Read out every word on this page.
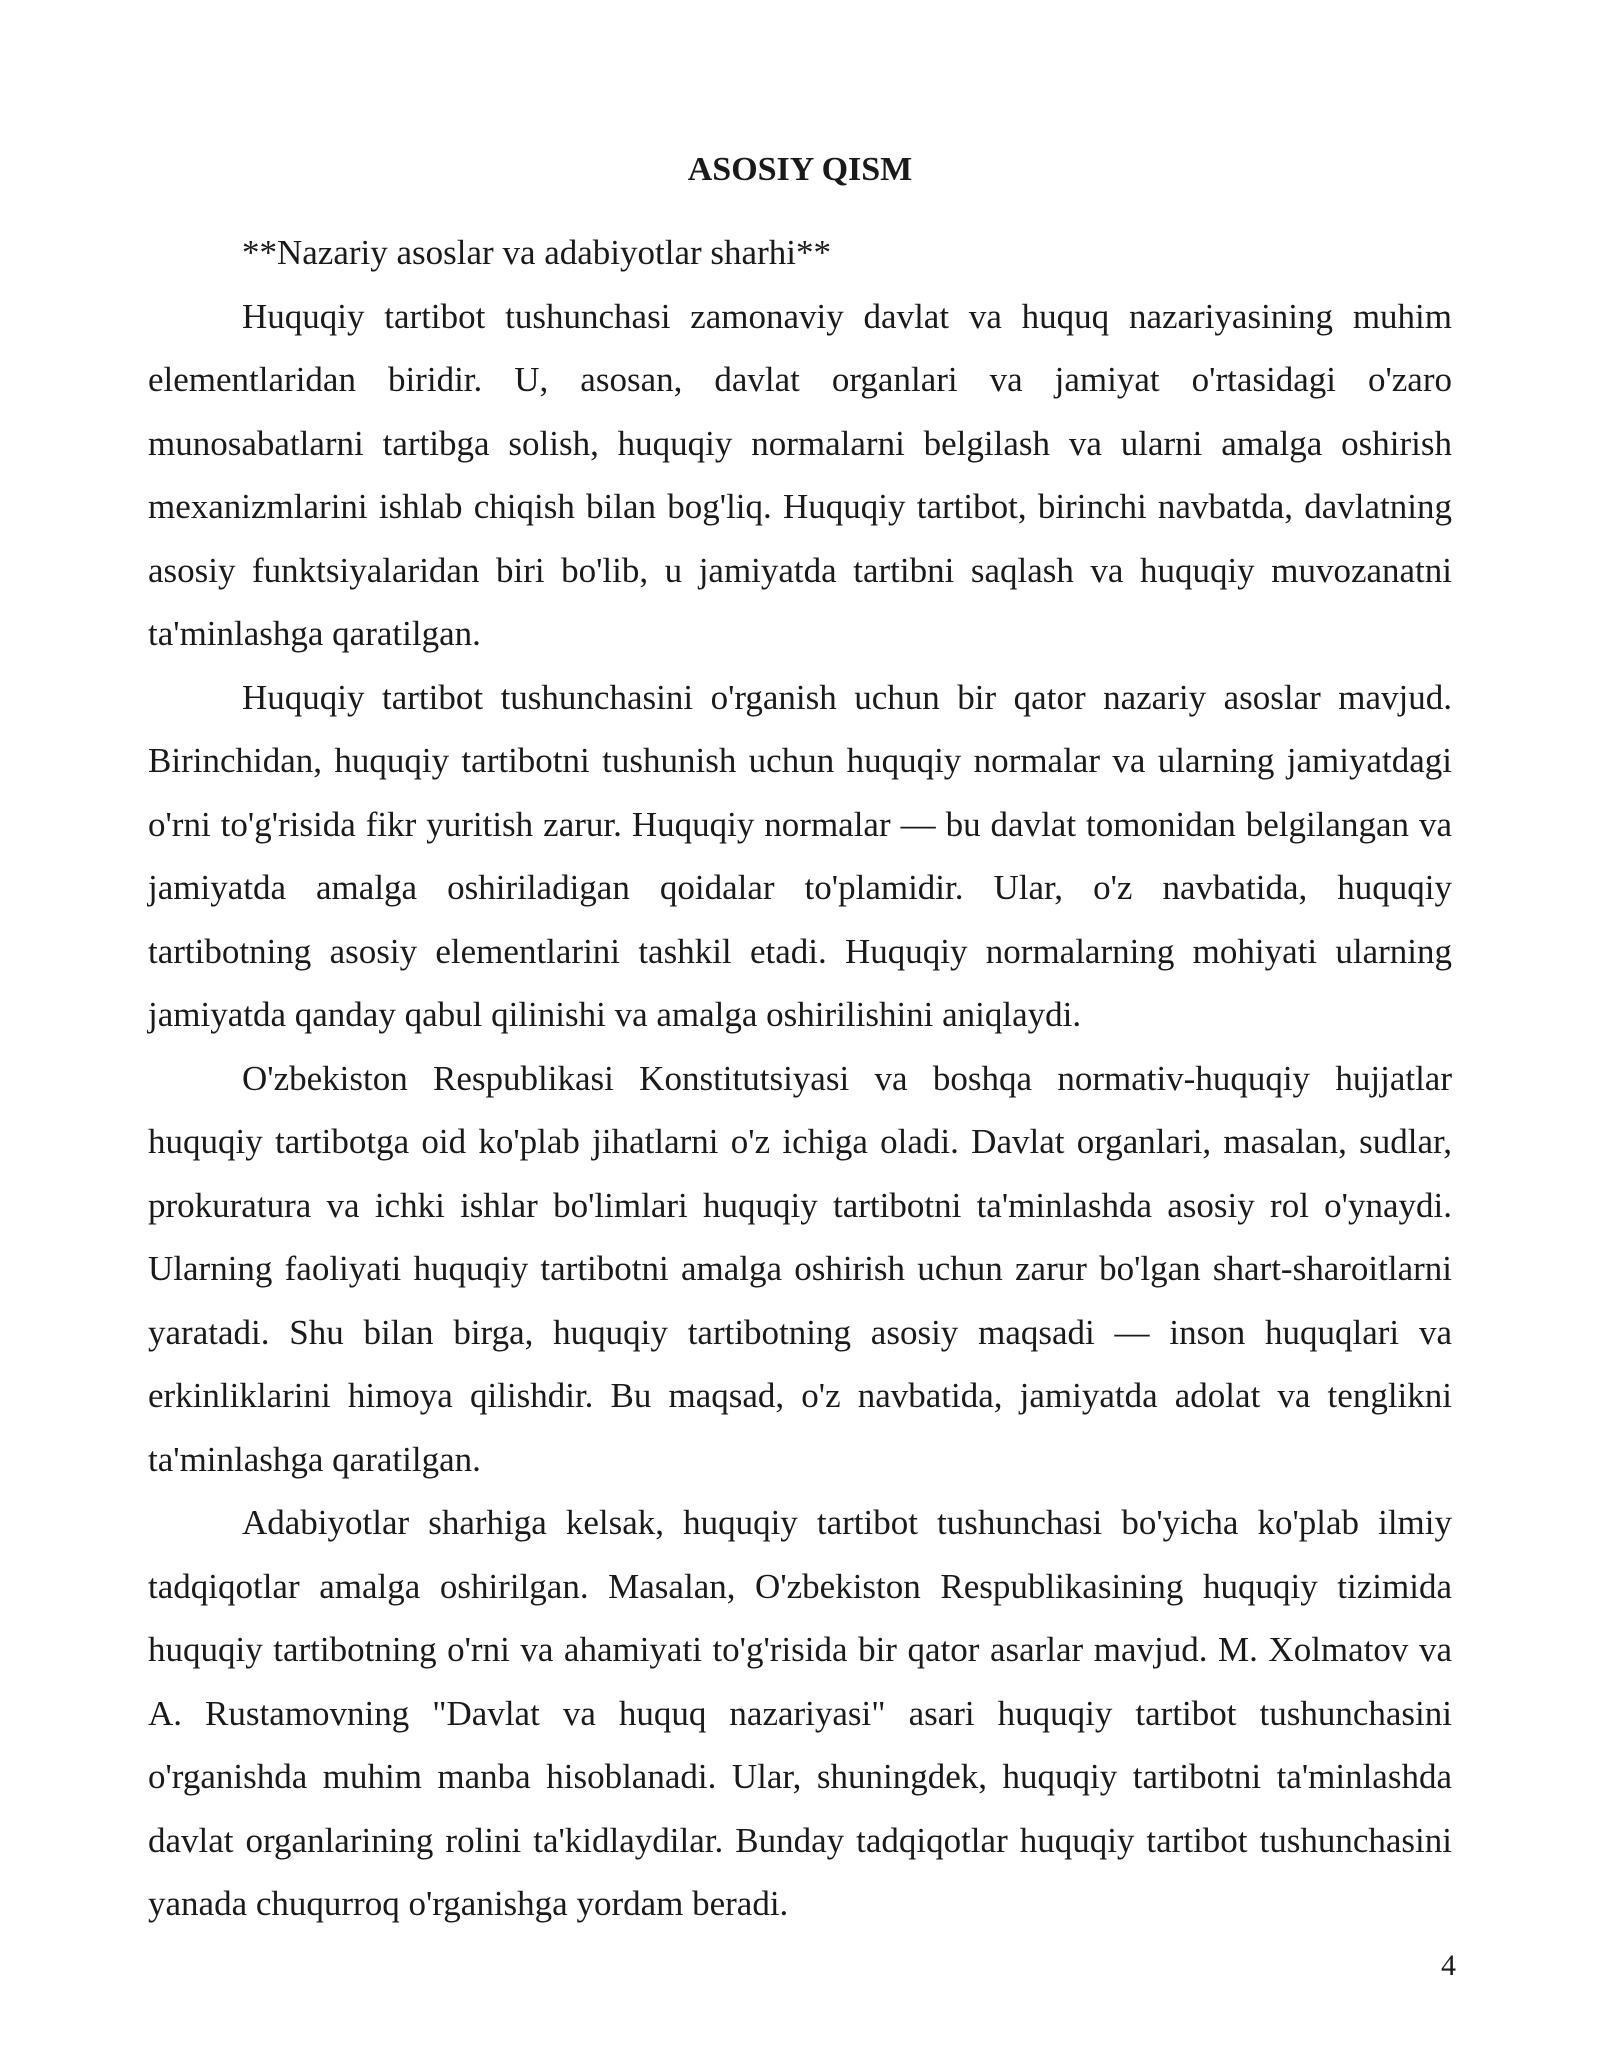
ASOSIY QISM

**Nazariy asoslar va adabiyotlar sharhi**

Huquqiy tartibot tushunchasi zamonaviy davlat va huquq nazariyasining muhim elementlaridan biridir. U, asosan, davlat organlari va jamiyat o'rtasidagi o'zaro munosabatlarni tartibga solish, huquqiy normalarni belgilash va ularni amalga oshirish mexanizmlarini ishlab chiqish bilan bog'liq. Huquqiy tartibot, birinchi navbatda, davlatning asosiy funktsiyalaridan biri bo'lib, u jamiyatda tartibni saqlash va huquqiy muvozanatni ta'minlashga qaratilgan.

Huquqiy tartibot tushunchasini o'rganish uchun bir qator nazariy asoslar mavjud. Birinchidan, huquqiy tartibotni tushunish uchun huquqiy normalar va ularning jamiyatdagi o'rni to'g'risida fikr yuritish zarur. Huquqiy normalar — bu davlat tomonidan belgilangan va jamiyatda amalga oshiriladigan qoidalar to'plamidir. Ular, o'z navbatida, huquqiy tartibotning asosiy elementlarini tashkil etadi. Huquqiy normalarning mohiyati ularning jamiyatda qanday qabul qilinishi va amalga oshirilishini aniqlaydi.

O'zbekiston Respublikasi Konstitutsiyasi va boshqa normativ-huquqiy hujjatlar huquqiy tartibotga oid ko'plab jihatlarni o'z ichiga oladi. Davlat organlari, masalan, sudlar, prokuratura va ichki ishlar bo'limlari huquqiy tartibotni ta'minlashda asosiy rol o'ynaydi. Ularning faoliyati huquqiy tartibotni amalga oshirish uchun zarur bo'lgan shart-sharoitlarni yaratadi. Shu bilan birga, huquqiy tartibotning asosiy maqsadi — inson huquqlari va erkinliklarini himoya qilishdir. Bu maqsad, o'z navbatida, jamiyatda adolat va tenglikni ta'minlashga qaratilgan.

Adabiyotlar sharhiga kelsak, huquqiy tartibot tushunchasi bo'yicha ko'plab ilmiy tadqiqotlar amalga oshirilgan. Masalan, O'zbekiston Respublikasining huquqiy tizimida huquqiy tartibotning o'rni va ahamiyati to'g'risida bir qator asarlar mavjud. M. Xolmatov va A. Rustamovning "Davlat va huquq nazariyasi" asari huquqiy tartibot tushunchasini o'rganishda muhim manba hisoblanadi. Ular, shuningdek, huquqiy tartibotni ta'minlashda davlat organlarining rolini ta'kidlaydilar. Bunday tadqiqotlar huquqiy tartibot tushunchasini yanada chuqurroq o'rganishga yordam beradi.

4
